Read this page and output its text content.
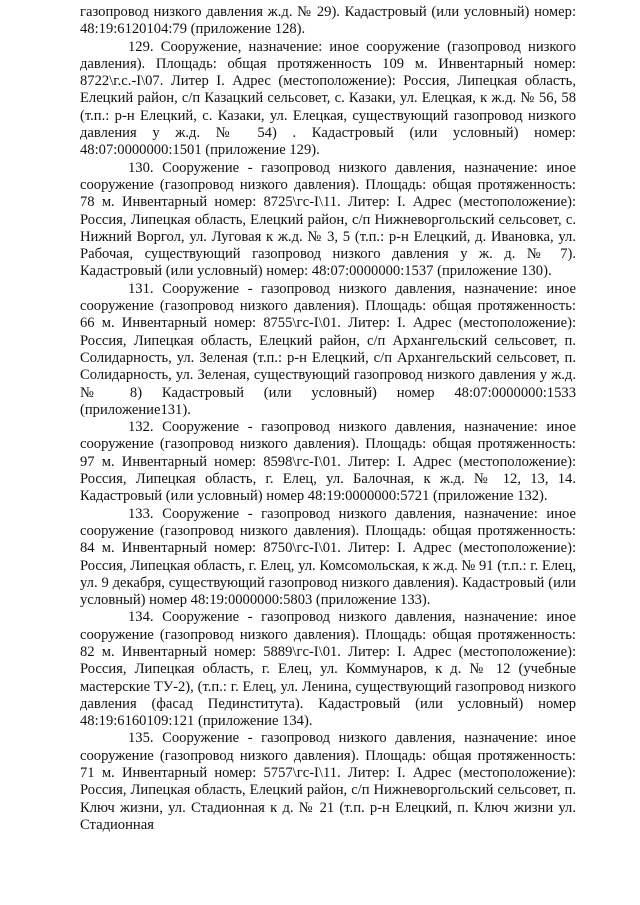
газопровод низкого давления ж.д. № 29). Кадастровый (или условный) номер: 48:19:6120104:79 (приложение 128).

129. Сооружение, назначение: иное сооружение (газопровод низкого давления). Площадь: общая протяженность 109 м. Инвентарный номер: 8722\г.с.-I\07. Литер I. Адрес (местоположение): Россия, Липецкая область, Елецкий район, с/п Казацкий сельсовет, с. Казаки, ул. Елецкая, к ж.д. № 56, 58 (т.п.: р-н Елецкий, с. Казаки, ул. Елецкая, существующий газопровод низкого давления у ж.д. № 54) . Кадастровый (или условный) номер: 48:07:0000000:1501 (приложение 129).

130. Сооружение - газопровод низкого давления, назначение: иное сооружение (газопровод низкого давления). Площадь: общая протяженность: 78 м. Инвентарный номер: 8725\гс-I\11. Литер: I. Адрес (местоположение): Россия, Липецкая область, Елецкий район, с/п Нижневоргольский сельсовет, с. Нижний Воргол, ул. Луговая к ж.д. № 3, 5 (т.п.: р-н Елецкий, д. Ивановка, ул. Рабочая, существующий газопровод низкого давления у ж. д. № 7). Кадастровый (или условный) номер: 48:07:0000000:1537 (приложение 130).

131. Сооружение - газопровод низкого давления, назначение: иное сооружение (газопровод низкого давления). Площадь: общая протяженность: 66 м. Инвентарный номер: 8755\гс-I\01. Литер: I. Адрес (местоположение): Россия, Липецкая область, Елецкий район, с/п Архангельский сельсовет, п. Солидарность, ул. Зеленая (т.п.: р-н Елецкий, с/п Архангельский сельсовет, п. Солидарность, ул. Зеленая, существующий газопровод низкого давления у ж.д. № 8) Кадастровый (или условный) номер 48:07:0000000:1533 (приложение131).

132. Сооружение - газопровод низкого давления, назначение: иное сооружение (газопровод низкого давления). Площадь: общая протяженность: 97 м. Инвентарный номер: 8598\гс-I\01. Литер: I. Адрес (местоположение): Россия, Липецкая область, г. Елец, ул. Балочная, к ж.д. № 12, 13, 14. Кадастровый (или условный) номер 48:19:0000000:5721 (приложение 132).

133. Сооружение - газопровод низкого давления, назначение: иное сооружение (газопровод низкого давления). Площадь: общая протяженность: 84 м. Инвентарный номер: 8750\гс-I\01. Литер: I. Адрес (местоположение): Россия, Липецкая область, г. Елец, ул. Комсомольская, к ж.д. № 91 (т.п.: г. Елец, ул. 9 декабря, существующий газопровод низкого давления). Кадастровый (или условный) номер 48:19:0000000:5803 (приложение 133).

134. Сооружение - газопровод низкого давления, назначение: иное сооружение (газопровод низкого давления). Площадь: общая протяженность: 82 м. Инвентарный номер: 5889\гс-I\01. Литер: I. Адрес (местоположение): Россия, Липецкая область, г. Елец, ул. Коммунаров, к д. № 12 (учебные мастерские ТУ-2), (т.п.: г. Елец, ул. Ленина, существующий газопровод низкого давления (фасад Пединститута). Кадастровый (или условный) номер 48:19:6160109:121 (приложение 134).

135. Сооружение - газопровод низкого давления, назначение: иное сооружение (газопровод низкого давления). Площадь: общая протяженность: 71 м. Инвентарный номер: 5757\гс-I\11. Литер: I. Адрес (местоположение): Россия, Липецкая область, Елецкий район, с/п Нижневоргольский сельсовет, п. Ключ жизни, ул. Стадионная к д. № 21 (т.п. р-н Елецкий, п. Ключ жизни ул. Стадионная
